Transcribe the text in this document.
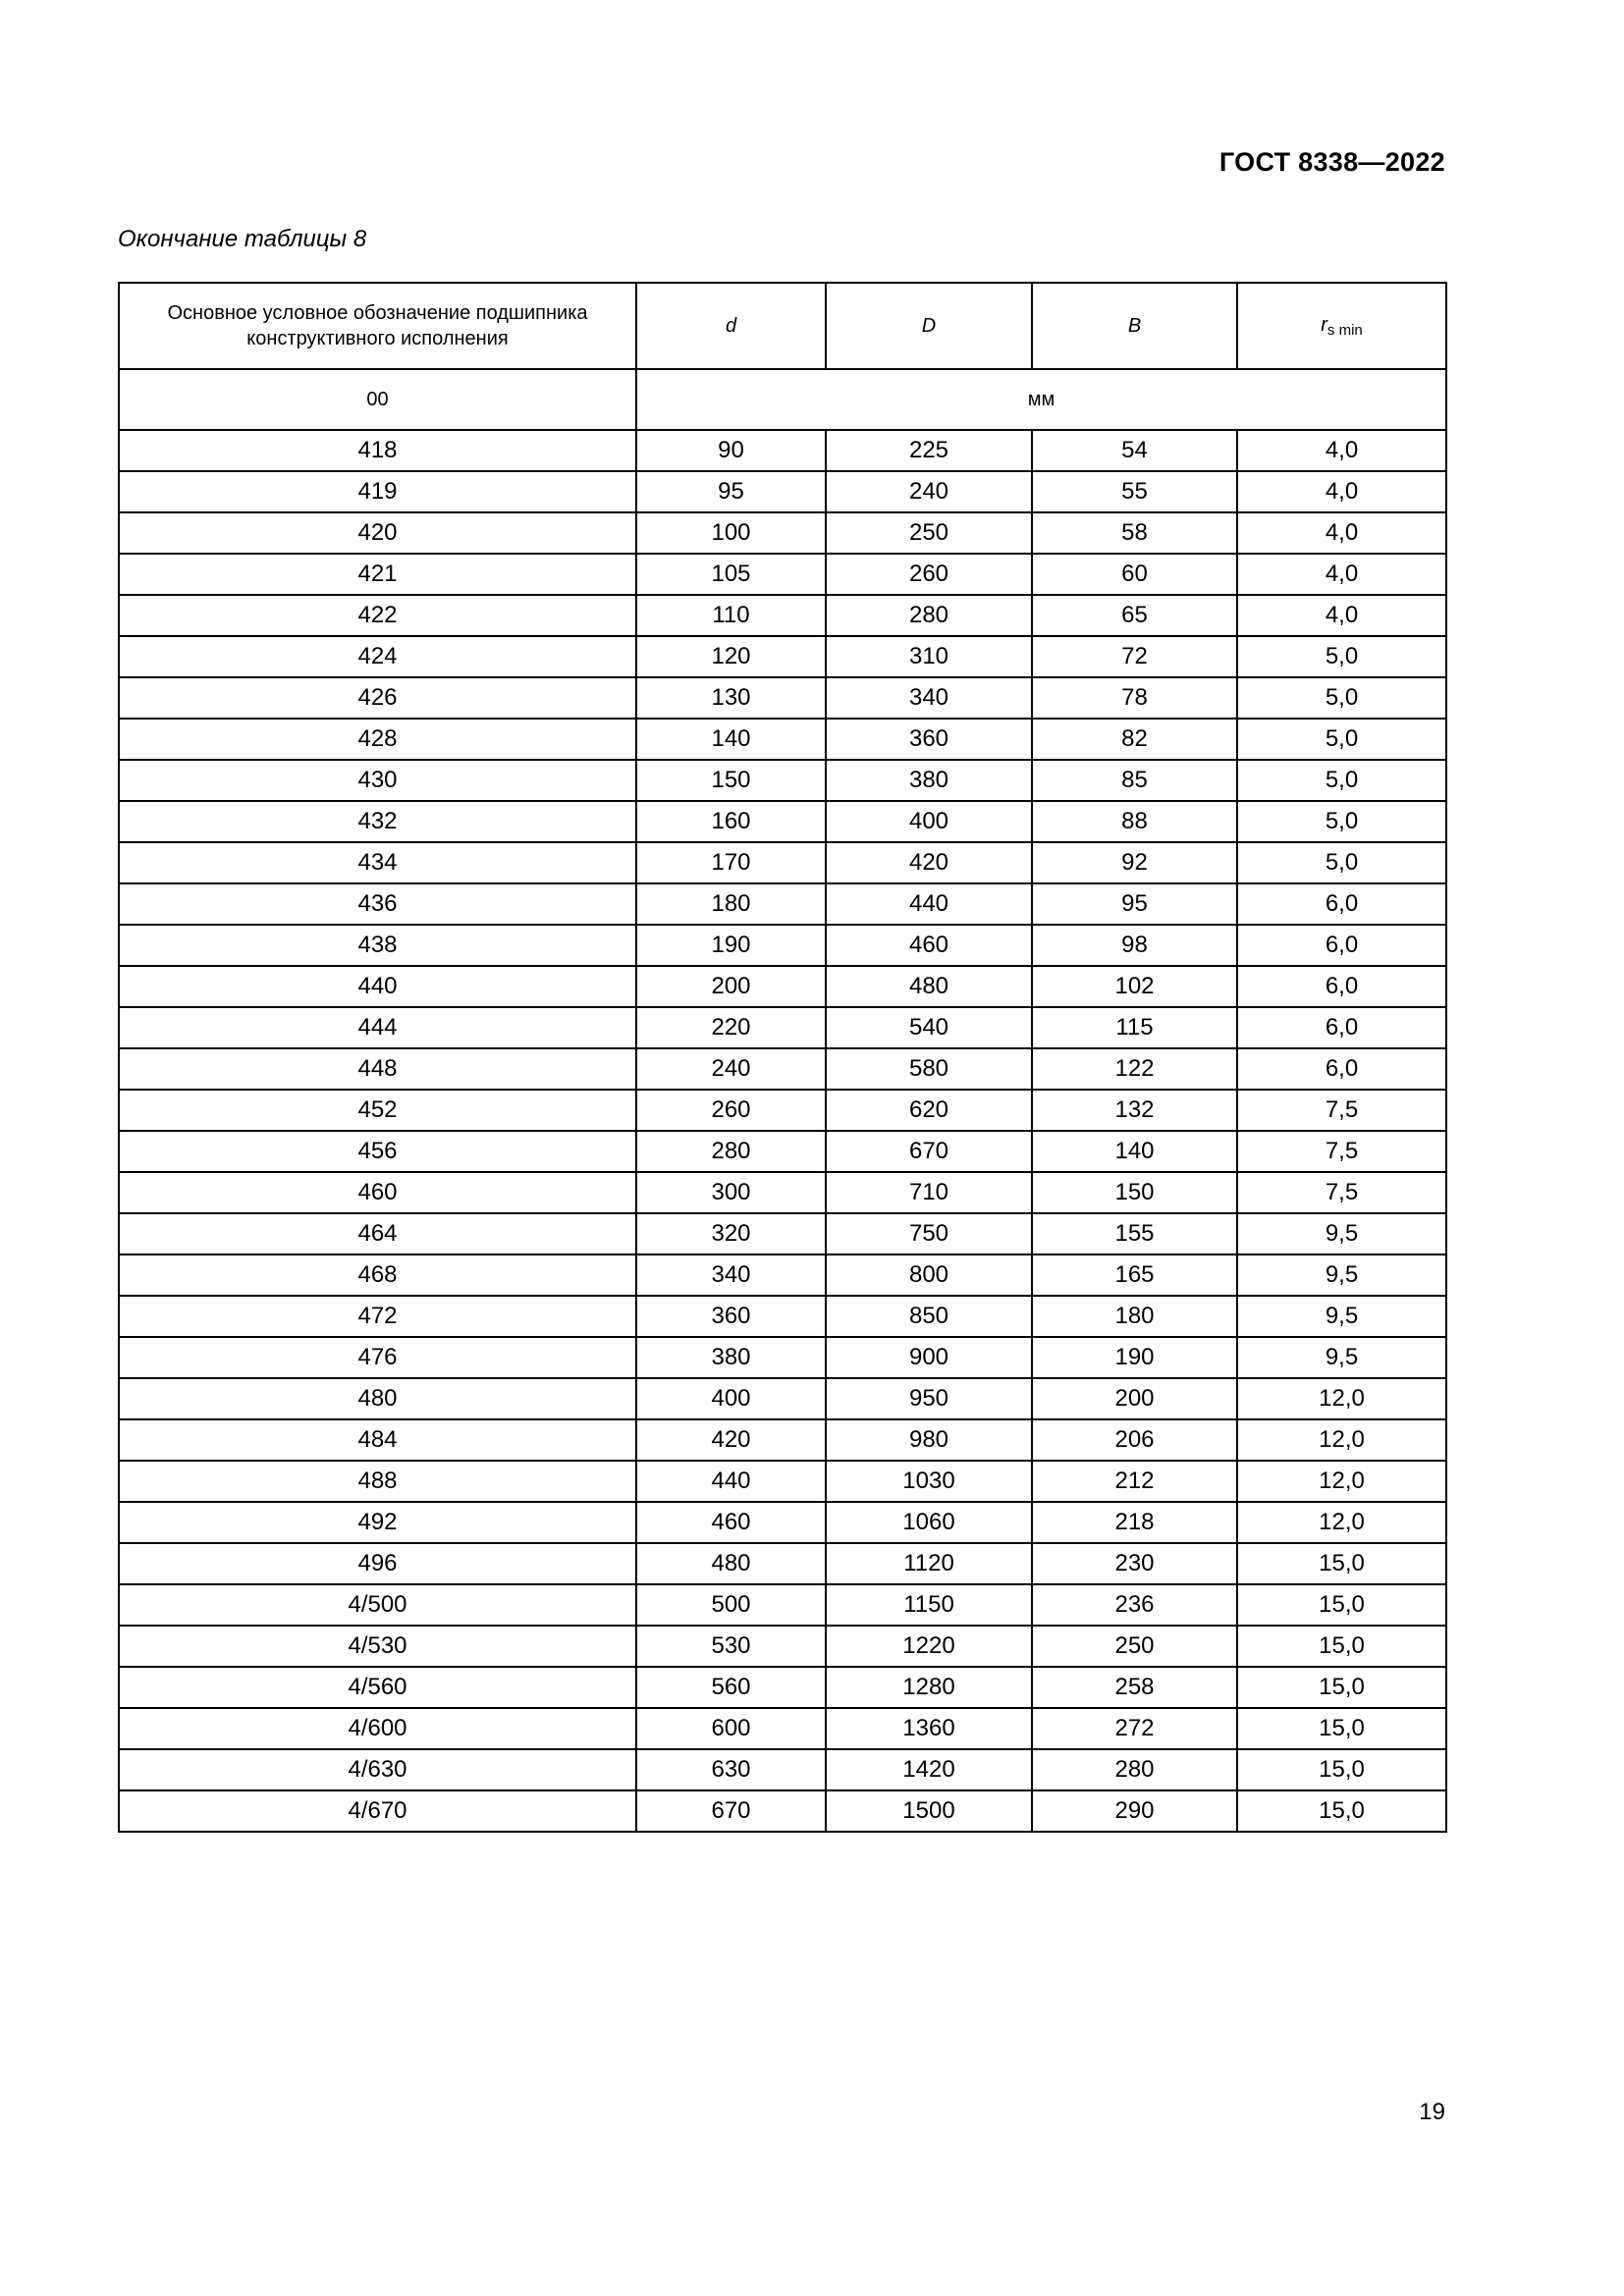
ГОСТ 8338—2022
Окончание таблицы 8
Основное условное обозначение подшипника конструктивного исполнения	d	D	B	$r_{s min}$
00	мм			
418	90	225	54	4,0
419	95	240	55	4,0
420	100	250	58	4,0
421	105	260	60	4,0
422	110	280	65	4,0
424	120	310	72	5,0
426	130	340	78	5,0
428	140	360	82	5,0
430	150	380	85	5,0
432	160	400	88	5,0
434	170	420	92	5,0
436	180	440	95	6,0
438	190	460	98	6,0
440	200	480	102	6,0
444	220	540	115	6,0
448	240	580	122	6,0
452	260	620	132	7,5
456	280	670	140	7,5
460	300	710	150	7,5
464	320	750	155	9,5
468	340	800	165	9,5
472	360	850	180	9,5
476	380	900	190	9,5
480	400	950	200	12,0
484	420	980	206	12,0
488	440	1030	212	12,0
492	460	1060	218	12,0
496	480	1120	230	15,0
4/500	500	1150	236	15,0
4/530	530	1220	250	15,0
4/560	560	1280	258	15,0
4/600	600	1360	272	15,0
4/630	630	1420	280	15,0
4/670	670	1500	290	15,0
19
